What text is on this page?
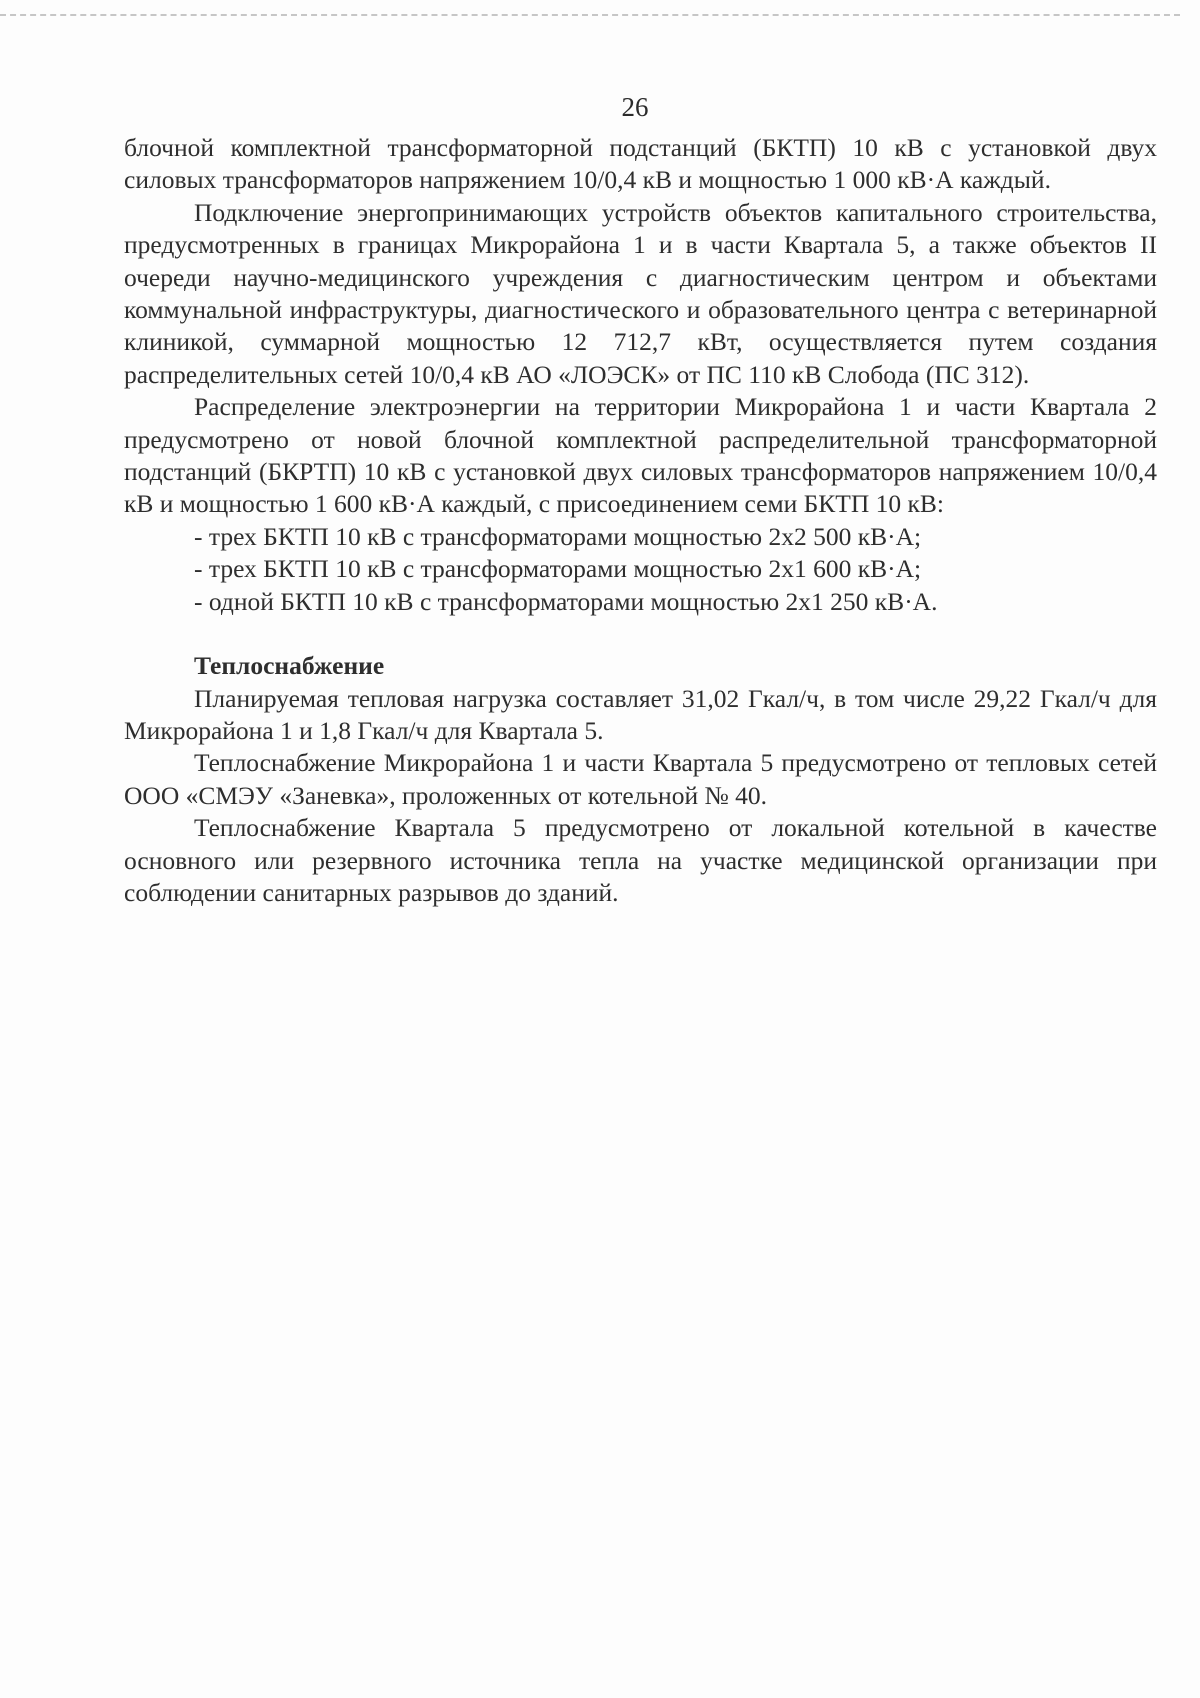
26

блочной комплектной трансформаторной подстанций (БКТП) 10 кВ с установкой двух силовых трансформаторов напряжением 10/0,4 кВ и мощностью 1 000 кВ·А каждый.

Подключение энергопринимающих устройств объектов капитального строительства, предусмотренных в границах Микрорайона 1 и в части Квартала 5, а также объектов II очереди научно-медицинского учреждения с диагностическим центром и объектами коммунальной инфраструктуры, диагностического и образовательного центра с ветеринарной клиникой, суммарной мощностью 12 712,7 кВт, осуществляется путем создания распределительных сетей 10/0,4 кВ АО «ЛОЭСК» от ПС 110 кВ Слобода (ПС 312).

Распределение электроэнергии на территории Микрорайона 1 и части Квартала 2 предусмотрено от новой блочной комплектной распределительной трансформаторной подстанций (БКРТП) 10 кВ с установкой двух силовых трансформаторов напряжением 10/0,4 кВ и мощностью 1 600 кВ·А каждый, с присоединением семи БКТП 10 кВ:

- трех БКТП 10 кВ с трансформаторами мощностью 2х2 500 кВ·А;
- трех БКТП 10 кВ с трансформаторами мощностью 2х1 600 кВ·А;
- одной БКТП 10 кВ с трансформаторами мощностью 2х1 250 кВ·А.
Теплоснабжение

Планируемая тепловая нагрузка составляет 31,02 Гкал/ч, в том числе 29,22 Гкал/ч для Микрорайона 1 и 1,8 Гкал/ч для Квартала 5.

Теплоснабжение Микрорайона 1 и части Квартала 5 предусмотрено от тепловых сетей ООО «СМЭУ «Заневка», проложенных от котельной № 40.

Теплоснабжение Квартала 5 предусмотрено от локальной котельной в качестве основного или резервного источника тепла на участке медицинской организации при соблюдении санитарных разрывов до зданий.
